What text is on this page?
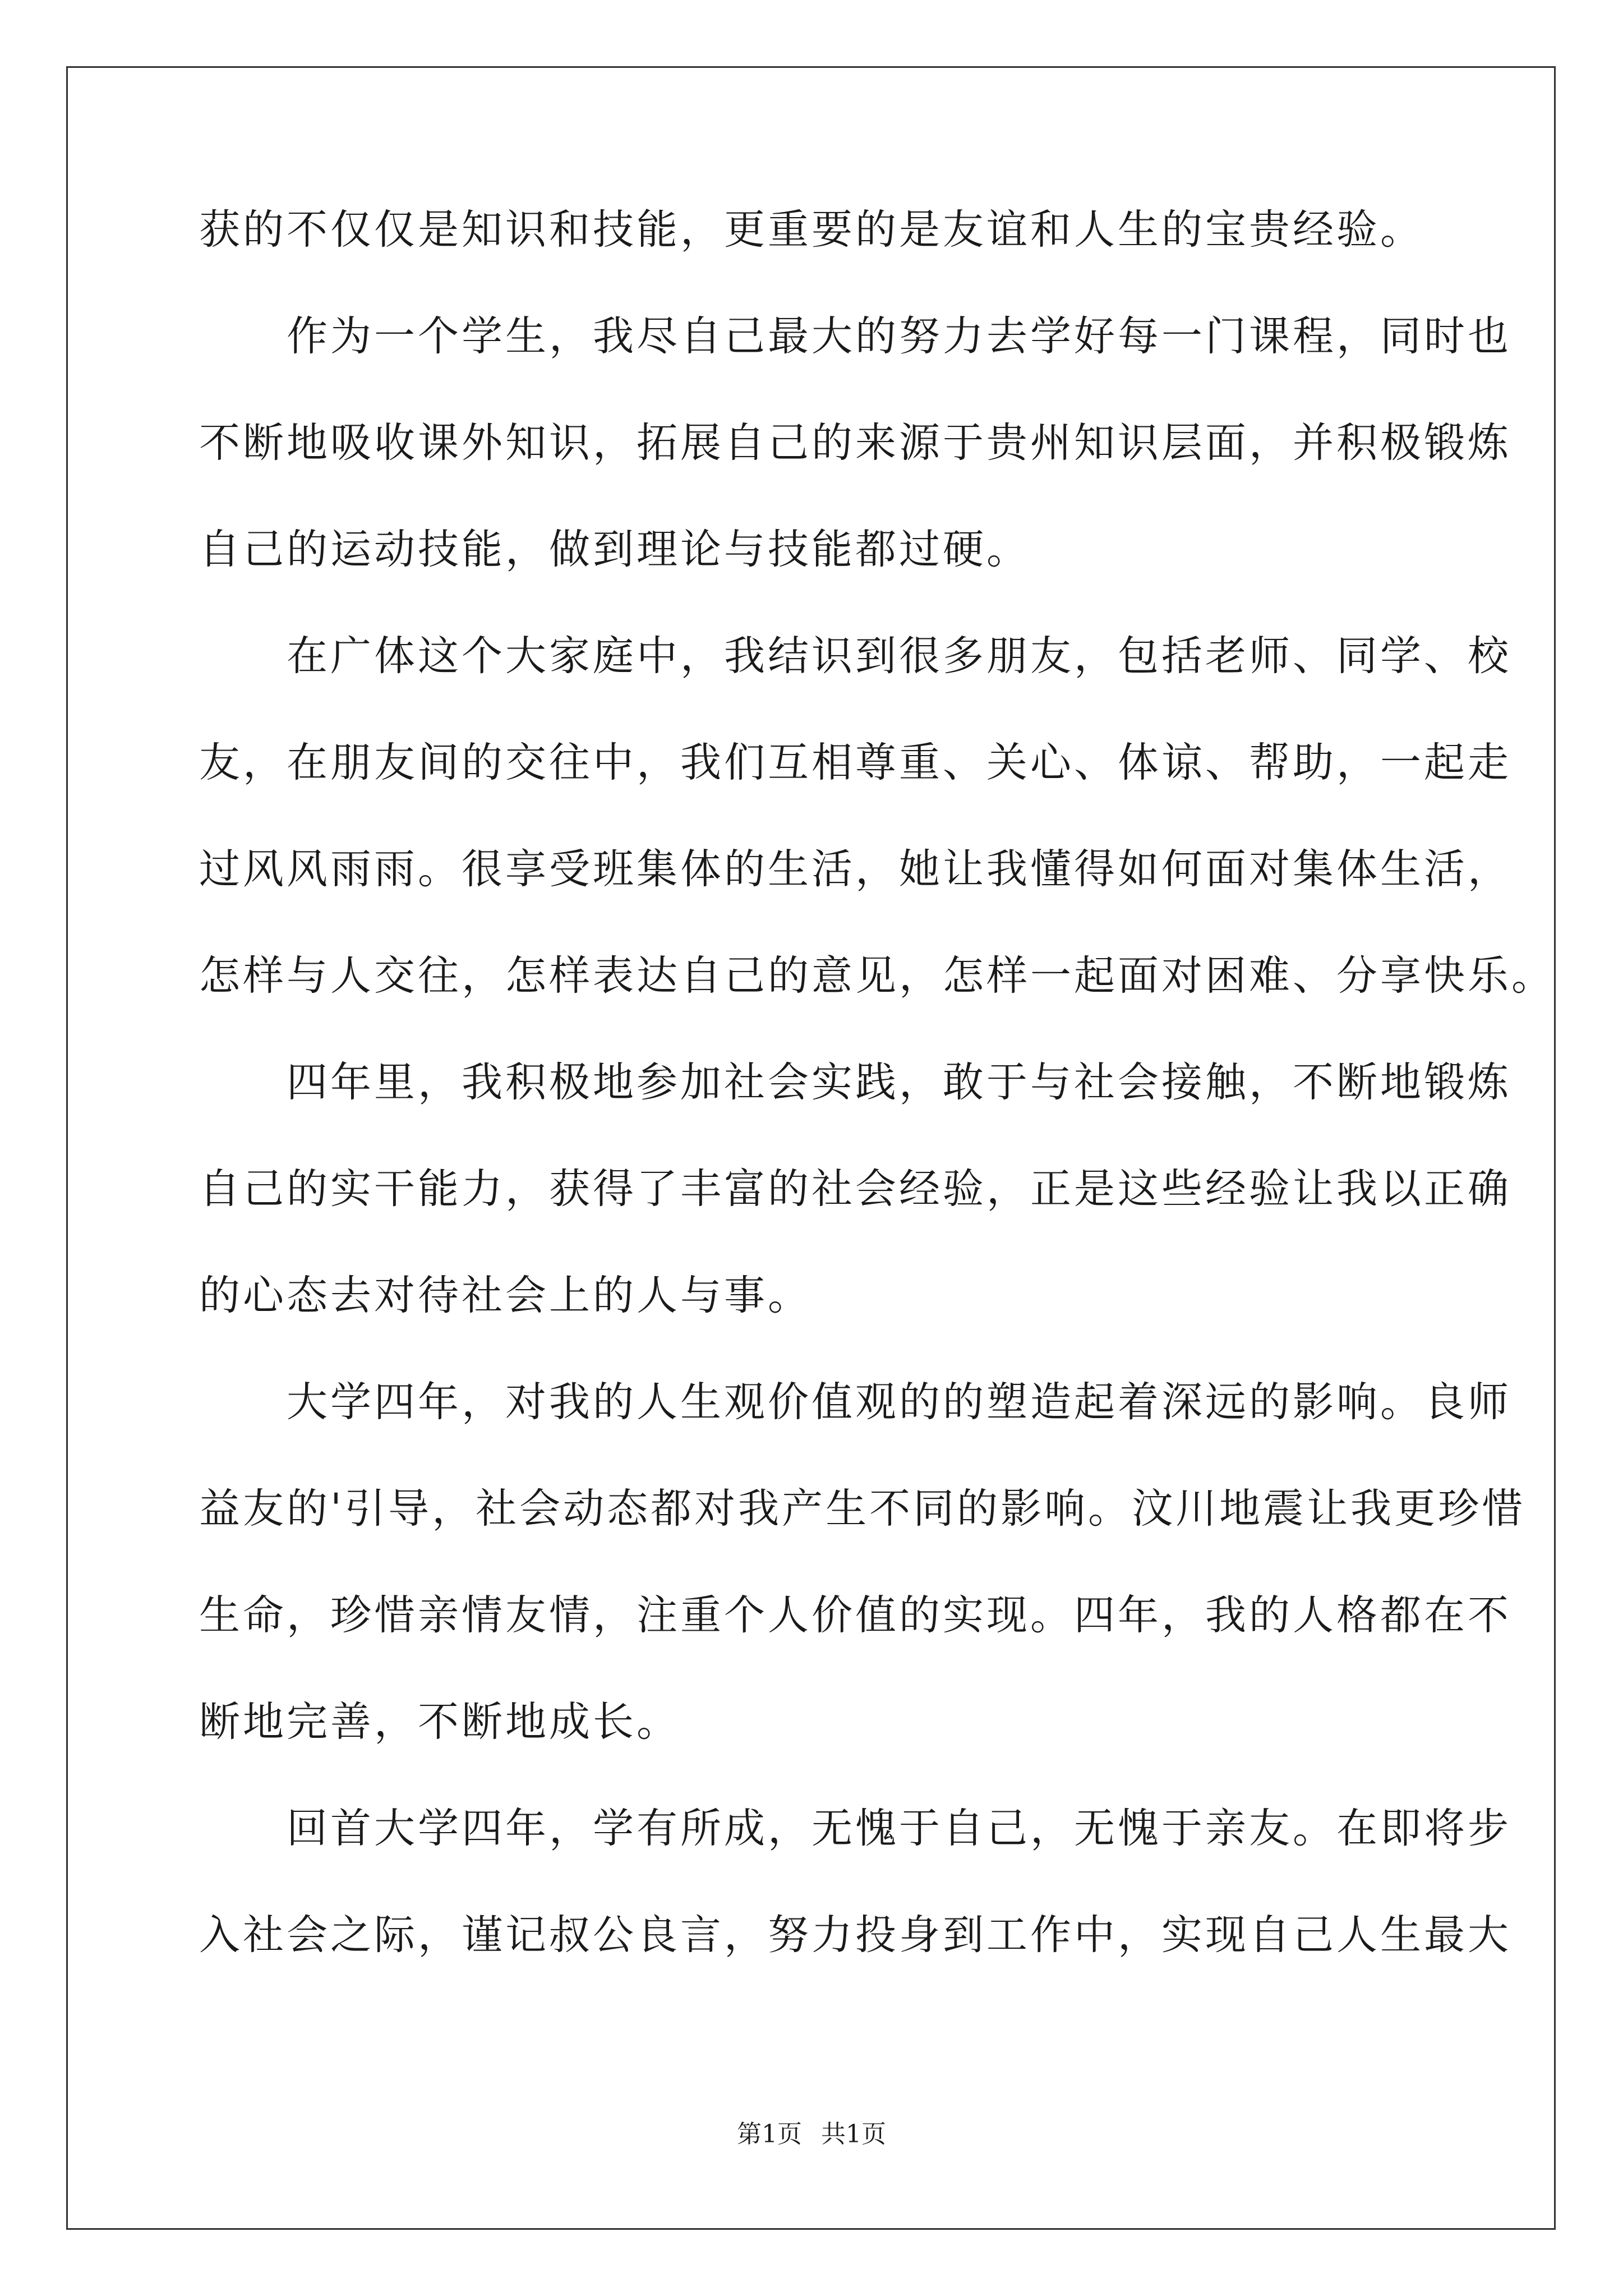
获的不仅仅是知识和技能，更重要的是友谊和人生的宝贵经验。
　　作为一个学生，我尽自己最大的努力去学好每一门课程，同时也
不断地吸收课外知识，拓展自己的来源于贵州知识层面，并积极锻炼
自己的运动技能，做到理论与技能都过硬。
　　在广体这个大家庭中，我结识到很多朋友，包括老师、同学、校
友，在朋友间的交往中，我们互相尊重、关心、体谅、帮助，一起走
过风风雨雨。很享受班集体的生活，她让我懂得如何面对集体生活，
怎样与人交往，怎样表达自己的意见，怎样一起面对困难、分享快乐。
　　四年里，我积极地参加社会实践，敢于与社会接触，不断地锻炼
自己的实干能力，获得了丰富的社会经验，正是这些经验让我以正确
的心态去对待社会上的人与事。
　　大学四年，对我的人生观价值观的的塑造起着深远的影响。良师
益友的'引导，社会动态都对我产生不同的影响。汶川地震让我更珍惜
生命，珍惜亲情友情，注重个人价值的实现。四年，我的人格都在不
断地完善，不断地成长。
　　回首大学四年，学有所成，无愧于自己，无愧于亲友。在即将步
入社会之际，谨记叔公良言，努力投身到工作中，实现自己人生最大
第1页 共1页
